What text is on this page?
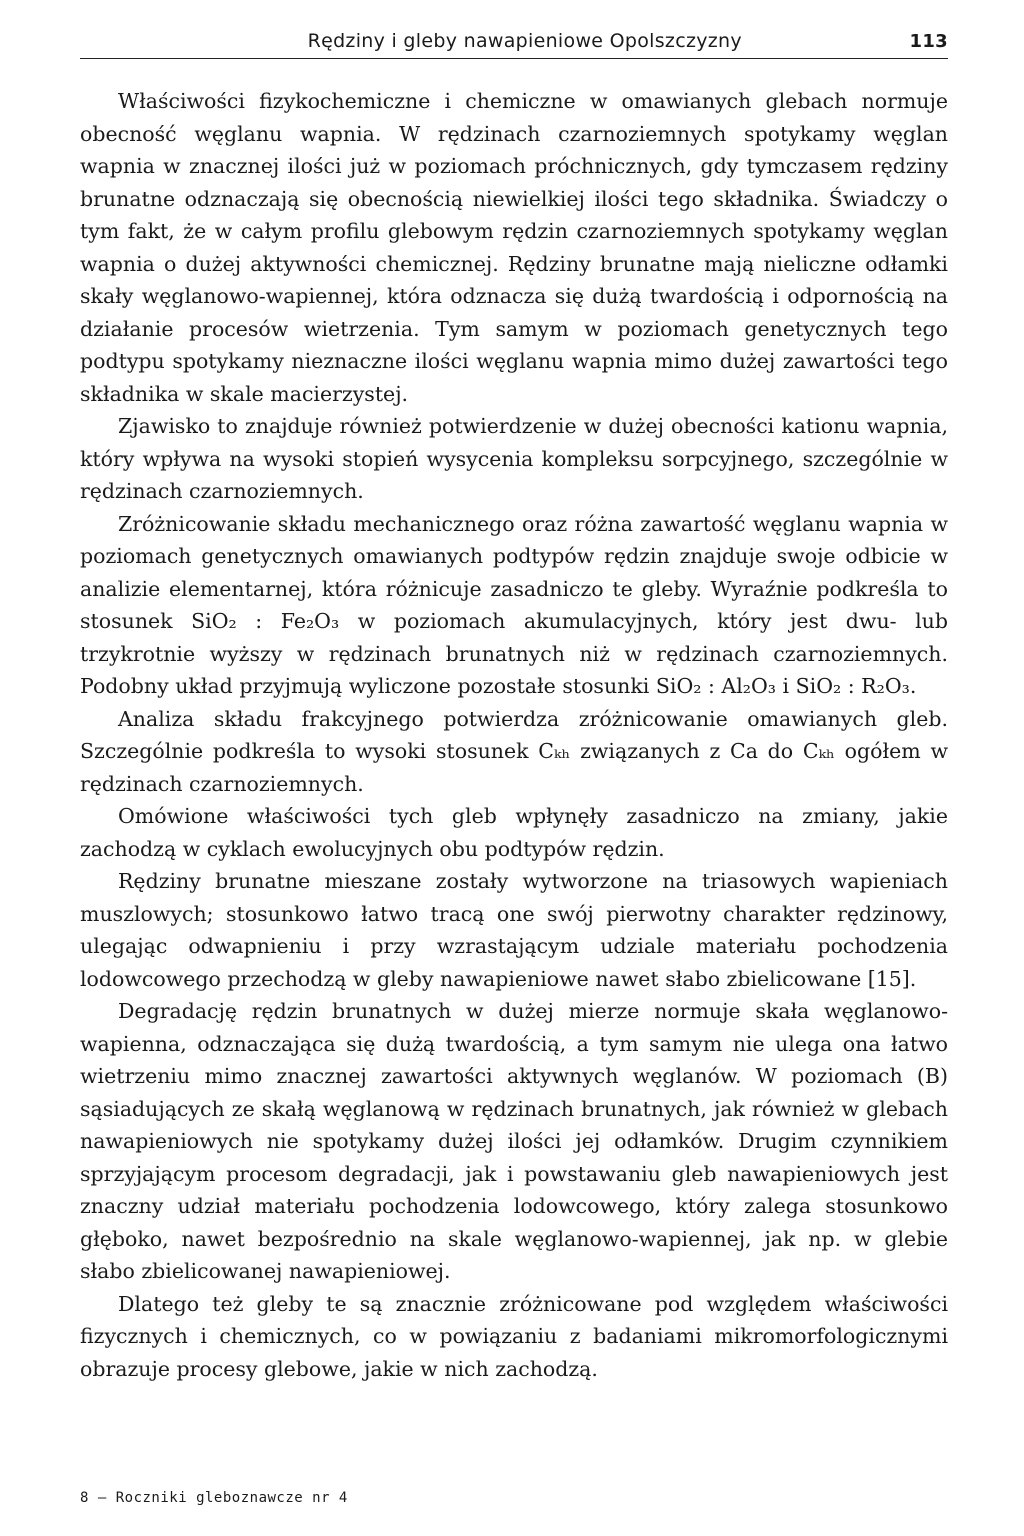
Rędziny i gleby nawapieniowe Opolszczyzny	113

Właściwości fizykochemiczne i chemiczne w omawianych glebach normuje obecność węglanu wapnia. W rędzinach czarnoziemnych spotykamy węglan wapnia w znacznej ilości już w poziomach próchnicznych, gdy tymczasem rędziny brunatne odznaczają się obecnością niewielkiej ilości tego składnika. Świadczy o tym fakt, że w całym profilu glebowym rędzin czarnoziemnych spotykamy węglan wapnia o dużej aktywności chemicznej. Rędziny brunatne mają nieliczne odłamki skały węglanowo-wapiennej, która odznacza się dużą twardością i odpornością na działanie procesów wietrzenia. Tym samym w poziomach genetycznych tego podtypu spotykamy nieznaczne ilości węglanu wapnia mimo dużej zawartości tego składnika w skale macierzystej.

Zjawisko to znajduje również potwierdzenie w dużej obecności kationu wapnia, który wpływa na wysoki stopień wysycenia kompleksu sorpcyjnego, szczególnie w rędzinach czarnoziemnych.

Zróżnicowanie składu mechanicznego oraz różna zawartość węglanu wapnia w poziomach genetycznych omawianych podtypów rędzin znajduje swoje odbicie w analizie elementarnej, która różnicuje zasadniczo te gleby. Wyraźnie podkreśla to stosunek SiO₂ : Fe₂O₃ w poziomach akumulacyjnych, który jest dwu- lub trzykrotnie wyższy w rędzinach brunatnych niż w rędzinach czarnoziemnych. Podobny układ przyjmują wyliczone pozostałe stosunki SiO₂ : Al₂O₃ i SiO₂ : R₂O₃.

Analiza składu frakcyjnego potwierdza zróżnicowanie omawianych gleb. Szczególnie podkreśla to wysoki stosunek Cₖₕ związanych z Ca do Cₖₕ ogółem w rędzinach czarnoziemnych.

Omówione właściwości tych gleb wpłynęły zasadniczo na zmiany, jakie zachodzą w cyklach ewolucyjnych obu podtypów rędzin.

Rędziny brunatne mieszane zostały wytworzone na triasowych wapieniach muszlowych; stosunkowo łatwo tracą one swój pierwotny charakter rędzinowy, ulegając odwapnieniu i przy wzrastającym udziale materiału pochodzenia lodowcowego przechodzą w gleby nawapieniowe nawet słabo zbielicowane [15].

Degradację rędzin brunatnych w dużej mierze normuje skała węglanowo-wapienna, odznaczająca się dużą twardością, a tym samym nie ulega ona łatwo wietrzeniu mimo znacznej zawartości aktywnych węglanów. W poziomach (B) sąsiadujących ze skałą węglanową w rędzinach brunatnych, jak również w glebach nawapieniowych nie spotykamy dużej ilości jej odłamków. Drugim czynnikiem sprzyjającym procesom degradacji, jak i powstawaniu gleb nawapieniowych jest znaczny udział materiału pochodzenia lodowcowego, który zalega stosunkowo głęboko, nawet bezpośrednio na skale węglanowo-wapiennej, jak np. w glebie słabo zbielicowanej nawapieniowej.

Dlatego też gleby te są znacznie zróżnicowane pod względem właściwości fizycznych i chemicznych, co w powiązaniu z badaniami mikromorfologicznymi obrazuje procesy glebowe, jakie w nich zachodzą.

8 — Roczniki gleboznawcze nr 4
